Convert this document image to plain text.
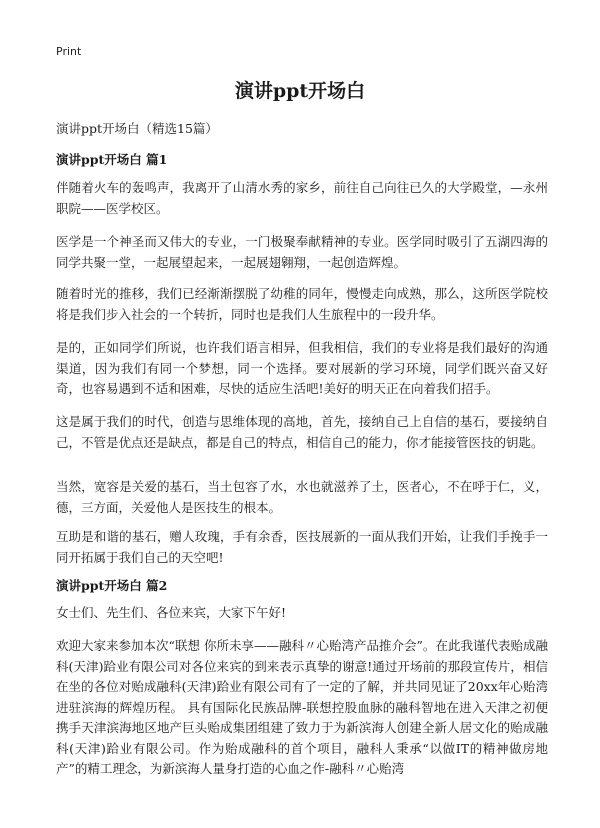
Print
演讲ppt开场白

演讲ppt开场白（精选15篇）

演讲ppt开场白 篇1

伴随着火车的轰鸣声，我离开了山清水秀的家乡，前往自己向往已久的大学殿堂，—永州职院——医学校区。

医学是一个神圣而又伟大的专业，一门极聚奉献精神的专业。医学同时吸引了五湖四海的同学共聚一堂，一起展望起来，一起展翅翱翔，一起创造辉煌。

随着时光的推移，我们已经渐渐摆脱了幼稚的同年，慢慢走向成熟，那么，这所医学院校将是我们步入社会的一个转折，同时也是我们人生旅程中的一段升华。

是的，正如同学们所说，也许我们语言相异，但我相信，我们的专业将是我们最好的沟通渠道，因为我们有同一个梦想，同一个选择。要对展新的学习环境，同学们既兴奋又好奇，也容易遇到不适和困难，尽快的适应生活吧!美好的明天正在向着我们招手。

这是属于我们的时代，创造与思维体现的高地，首先，接纳自己上自信的基石，要接纳自己，不管是优点还是缺点，都是自己的特点，相信自己的能力，你才能接管医技的钥匙。

当然，宽容是关爱的基石，当土包容了水，水也就滋养了土，医者心，不在呼于仁，义，德，三方面，关爱他人是医技生的根本。

互助是和谐的基石，赠人玫瑰，手有余香，医技展新的一面从我们开始，让我们手挽手一同开拓属于我们自己的天空吧!

演讲ppt开场白 篇2

女士们、先生们、各位来宾，大家下午好!

欢迎大家来参加本次“联想 你所未享——融科〃心贻湾产品推介会”。在此我谨代表贻成融科(天津)跲业有限公司对各位来宾的到来表示真挚的谢意!通过开场前的那段宣传片，相信在坐的各位对贻成融科(天津)跲业有限公司有了一定的了解，并共同见证了20xx年心贻湾进驻滨海的辉煌历程。 具有国际化民族品牌-联想控股血脉的融科智地在进入天津之初便携手天津滨海地区地产巨头贻成集团组建了致力于为新滨海人创建全新人居文化的贻成融科(天津)跲业有限公司。作为贻成融科的首个项目，融科人秉承“以做IT的精神做房地产”的精工理念，为新滨海人量身打造的心血之作-融科〃心贻湾
